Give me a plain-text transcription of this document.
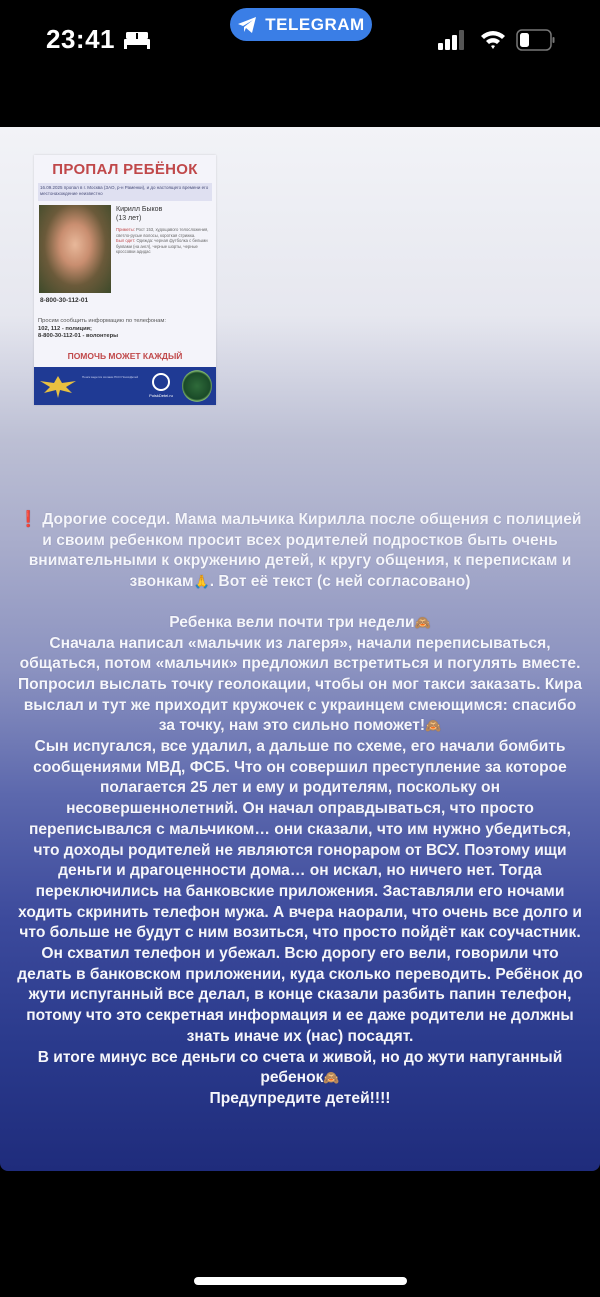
23:41	TELEGRAM
ПРОПАЛ РЕБЁНОК
16.09.2025 пропал в г. Москва (ЗАО, р-н Раменки), и до настоящего времени его местонахождение неизвестно
Кирилл Быков
(13 лет)
Приметы: Рост 153, худощавого телосложения, светло-русые волосы, короткая стрижка.
Был одет: Одежда: черная футболка с белыми буквами (на англ), черные шорты, черные кроссовки адидас
8-800-30-112-01
Просим сообщить информацию по телефонам:
102, 112 - полиция;
8-800-30-112-01 - волонтеры
ПОМОЧЬ МОЖЕТ КАЖДЫЙ
Поиск ведется силами ПСО ПоискДетей
PoiskDetei.ru

❗ Дорогие соседи. Мама мальчика Кирилла после общения с полицией и своим ребенком просит всех родителей подростков быть очень внимательными к окружению детей, к кругу общения, к перепискам и звонкам🙏. Вот её текст (с ней согласовано)

Ребенка вели почти три недели🙈

Сначала написал «мальчик из лагеря», начали переписываться, общаться, потом «мальчик» предложил встретиться и погулять вместе. Попросил выслать точку геолокации, чтобы он мог такси заказать. Кира выслал и тут же приходит кружочек с украинцем смеющимся: спасибо за точку, нам это сильно поможет!🙈

Сын испугался, все удалил, а дальше по схеме, его начали бомбить сообщениями МВД, ФСБ. Что он совершил преступление за которое полагается 25 лет и ему и родителям, поскольку он несовершеннолетний. Он начал оправдываться, что просто переписывался с мальчиком… они сказали, что им нужно убедиться, что доходы родителей не являются гонораром от ВСУ. Поэтому ищи деньги и драгоценности дома… он искал, но ничего нет. Тогда переключились на банковские приложения. Заставляли его ночами ходить скринить телефон мужа. А вчера наорали, что очень все долго и что больше не будут с ним возиться, что просто пойдёт как соучастник. Он схватил телефон и убежал. Всю дорогу его вели, говорили что делать в банковском приложении, куда сколько переводить. Ребёнок до жути испуганный все делал, в конце сказали разбить папин телефон, потому что это секретная информация и ее даже родители не должны знать иначе их (нас) посадят.

В итоге минус все деньги со счета и живой, но до жути напуганный ребенок🙈

Предупредите детей!!!!
